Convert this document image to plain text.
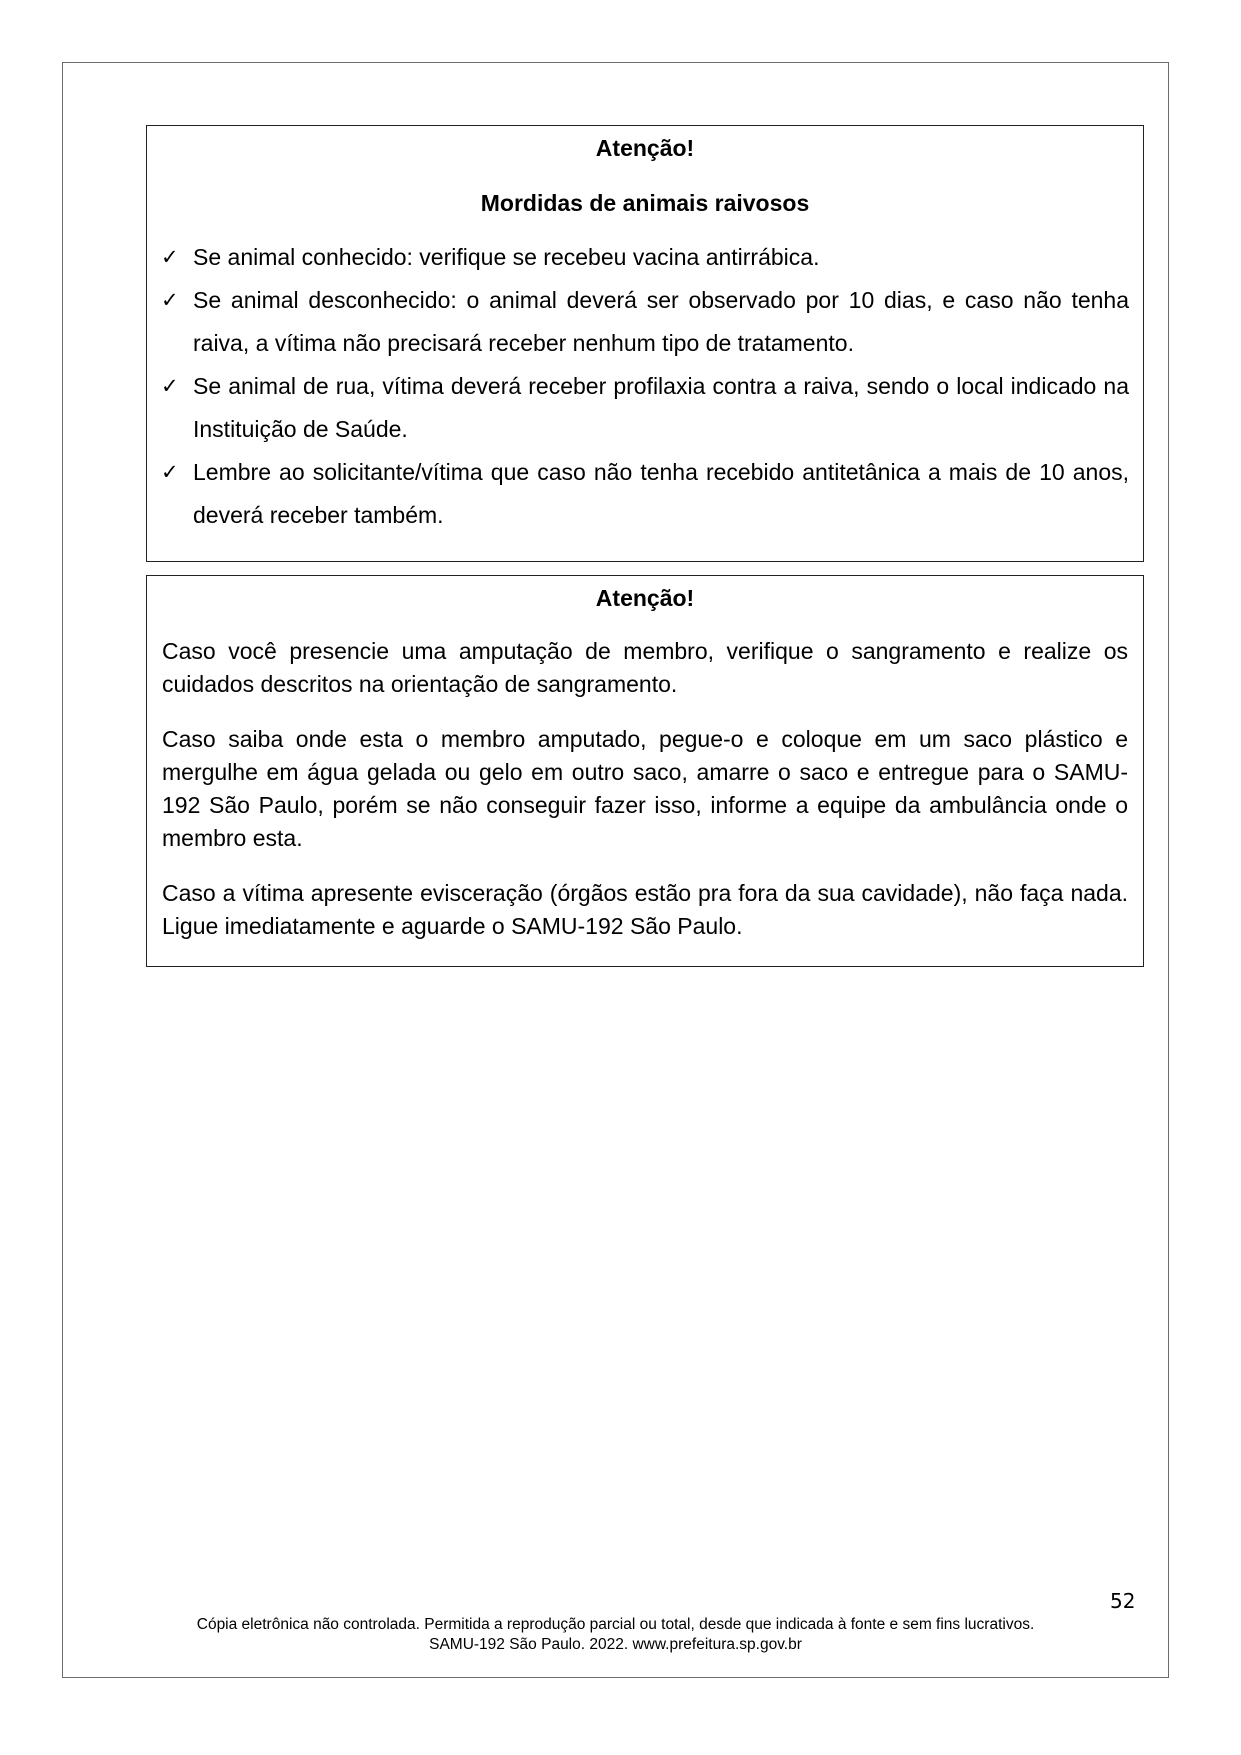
Atenção!
Mordidas de animais raivosos
✓ Se animal conhecido: verifique se recebeu vacina antirrábica.
✓ Se animal desconhecido: o animal deverá ser observado por 10 dias, e caso não tenha raiva, a vítima não precisará receber nenhum tipo de tratamento.
✓ Se animal de rua, vítima deverá receber profilaxia contra a raiva, sendo o local indicado na Instituição de Saúde.
✓ Lembre ao solicitante/vítima que caso não tenha recebido antitetânica a mais de 10 anos, deverá receber também.
Atenção!

Caso você presencie uma amputação de membro, verifique o sangramento e realize os cuidados descritos na orientação de sangramento.

Caso saiba onde esta o membro amputado, pegue-o e coloque em um saco plástico e mergulhe em água gelada ou gelo em outro saco, amarre o saco e entregue para o SAMU-192 São Paulo, porém se não conseguir fazer isso, informe a equipe da ambulância onde o membro esta.

Caso a vítima apresente evisceração (órgãos estão pra fora da sua cavidade), não faça nada. Ligue imediatamente e aguarde o SAMU-192 São Paulo.

52
Cópia eletrônica não controlada. Permitida a reprodução parcial ou total, desde que indicada à fonte e sem fins lucrativos.
SAMU-192 São Paulo. 2022. www.prefeitura.sp.gov.br
